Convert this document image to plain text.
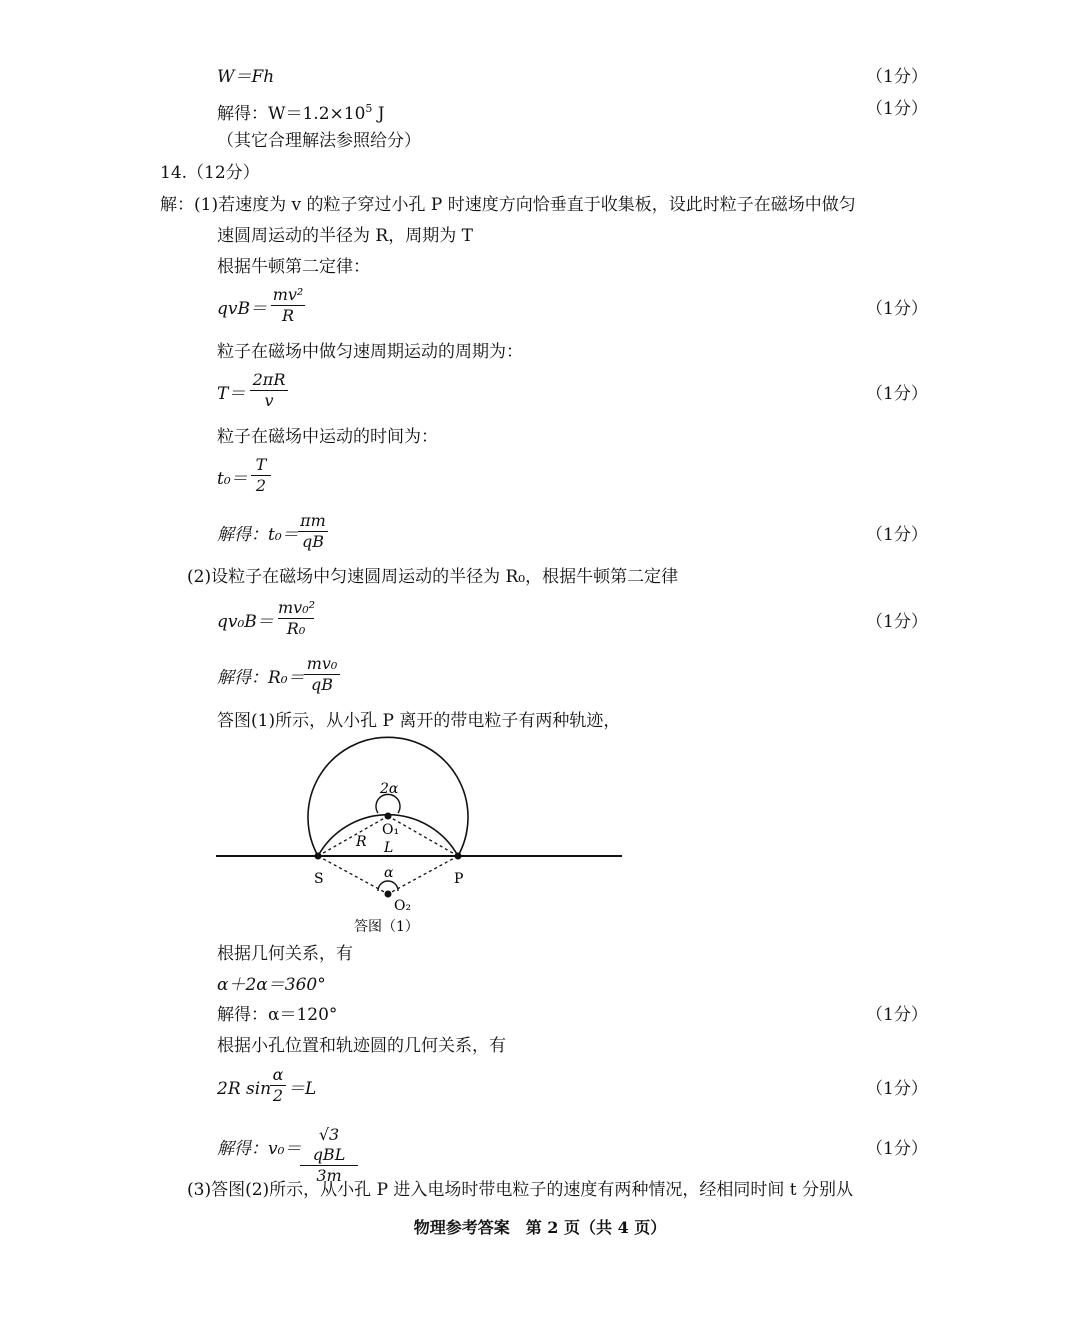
W＝Fh	（1分）
解得：$W=1.2\times 10^5$ J	（1分）
（其它合理解法参照给分）
14.（12分）
解：(1)若速度为 v 的粒子穿过小孔 P 时速度方向恰垂直于收集板，设此时粒子在磁场中做匀
速圆周运动的半径为 R，周期为 T
根据牛顿第二定律：
qvB＝
mv²
R	（1分）
粒子在磁场中做匀速周期运动的周期为：
T＝
2πR
v	（1分）
粒子在磁场中运动的时间为：
t₀＝
T
2
解得：t₀＝
πm
qB	（1分）
(2)设粒子在磁场中匀速圆周运动的半径为 R₀，根据牛顿第二定律
qv₀B＝
mv₀²
R₀	（1分）
解得：R₀＝
mv₀
qB
答图(1)所示，从小孔 P 离开的带电粒子有两种轨迹，
2α
O₁
R L
S	P
α
O₂
答图（1）
根据几何关系，有
α＋2α＝360°
解得：α＝120°	（1分）
根据小孔位置和轨迹圆的几何关系，有
2R sin
α
2 ＝L	（1分）
解得：v₀＝
√3 qBL
3m
（1分）
(3)答图(2)所示，从小孔 P 进入电场时带电粒子的速度有两种情况，经相同时间 t 分别从
物理参考答案　第 2 页（共 4 页）
